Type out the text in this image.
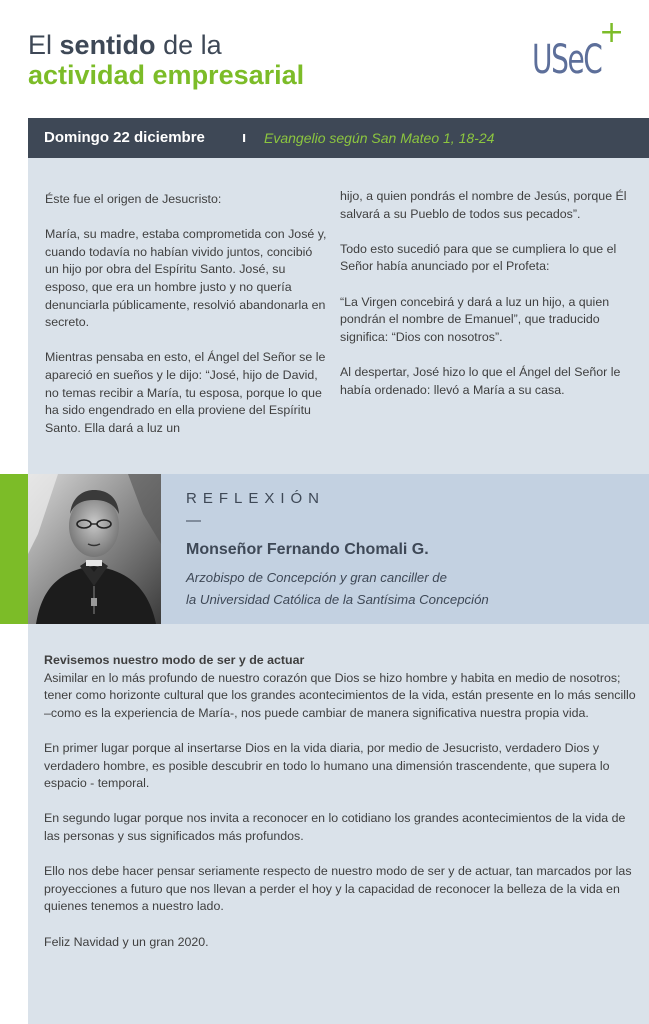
El sentido de la
actividad empresarial	USeC
+
Domingo 22 diciembre ı Evangelio según San Mateo 1, 18-24

Éste fue el origen de Jesucristo:

María, su madre, estaba comprometida con José y, cuando todavía no habían vivido juntos, concibió un hijo por obra del Espíritu Santo. José, su esposo, que era un hombre justo y no quería denunciarla públicamente, resolvió abandonarla en secreto.

Mientras pensaba en esto, el Ángel del Señor se le apareció en sueños y le dijo: “José, hijo de David, no temas recibir a María, tu esposa, porque lo que ha sido engendrado en ella proviene del Espíritu Santo. Ella dará a luz un

hijo, a quien pondrás el nombre de Jesús, porque Él salvará a su Pueblo de todos sus pecados”.

Todo esto sucedió para que se cumpliera lo que el Señor había anunciado por el Profeta:

“La Virgen concebirá y dará a luz un hijo, a quien pondrán el nombre de Emanuel”, que traducido significa: “Dios con nosotros”.

Al despertar, José hizo lo que el Ángel del Señor le había ordenado: llevó a María a su casa.

REFLEXIÓN
—
Monseñor Fernando Chomali G.
Arzobispo de Concepción y gran canciller de
la Universidad Católica de la Santísima Concepción
Revisemos nuestro modo de ser y de actuar

Asimilar en lo más profundo de nuestro corazón que Dios se hizo hombre y habita en medio de nosotros; tener como horizonte cultural que los grandes acontecimientos de la vida, están presente en lo más sencillo –como es la experiencia de María-, nos puede cambiar de manera significativa nuestra propia vida.

En primer lugar porque al insertarse Dios en la vida diaria, por medio de Jesucristo, verdadero Dios y verdadero hombre, es posible descubrir en todo lo humano una dimensión trascendente, que supera lo espacio - temporal.

En segundo lugar porque nos invita a reconocer en lo cotidiano los grandes acontecimientos de la vida de las personas y sus significados más profundos.

Ello nos debe hacer pensar seriamente respecto de nuestro modo de ser y de actuar, tan marcados por las proyecciones a futuro que nos llevan a perder el hoy y la capacidad de reconocer la belleza de la vida en quienes tenemos a nuestro lado.

Feliz Navidad y un gran 2020.
